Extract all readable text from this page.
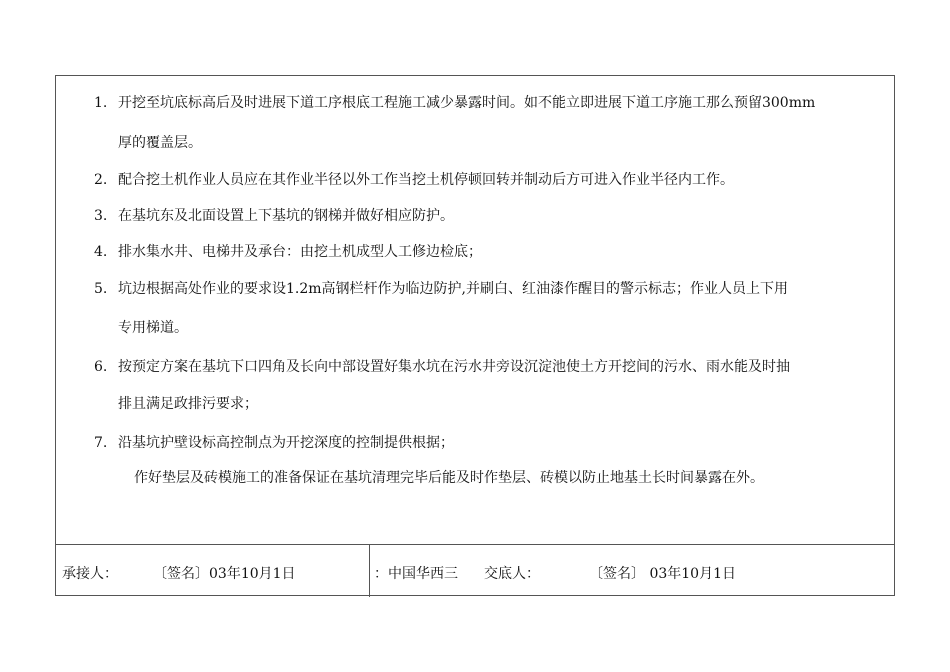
1. 开挖至坑底标高后及时进展下道工序根底工程施工减少暴露时间。如不能立即进展下道工序施工那么预留300mm
厚的覆盖层。
2. 配合挖土机作业人员应在其作业半径以外工作当挖土机停顿回转并制动后方可进入作业半径内工作。
3. 在基坑东及北面设置上下基坑的钢梯并做好相应防护。
4. 排水集水井、电梯井及承台：由挖土机成型人工修边检底；
5. 坑边根据高处作业的要求设1.2m高钢栏杆作为临边防护,并刷白、红油漆作醒目的警示标志；作业人员上下用
专用梯道。
6. 按预定方案在基坑下口四角及长向中部设置好集水坑在污水井旁设沉淀池使土方开挖间的污水、雨水能及时抽
排且满足政排污要求；
7. 沿基坑护壁设标高控制点为开挖深度的控制提供根据；
作好垫层及砖模施工的准备保证在基坑清理完毕后能及时作垫层、砖模以防止地基土长时间暴露在外。
承接人：	〔签名〕03年10月1日	：中国华西三 交底人：	〔签名〕 03年10月1日
